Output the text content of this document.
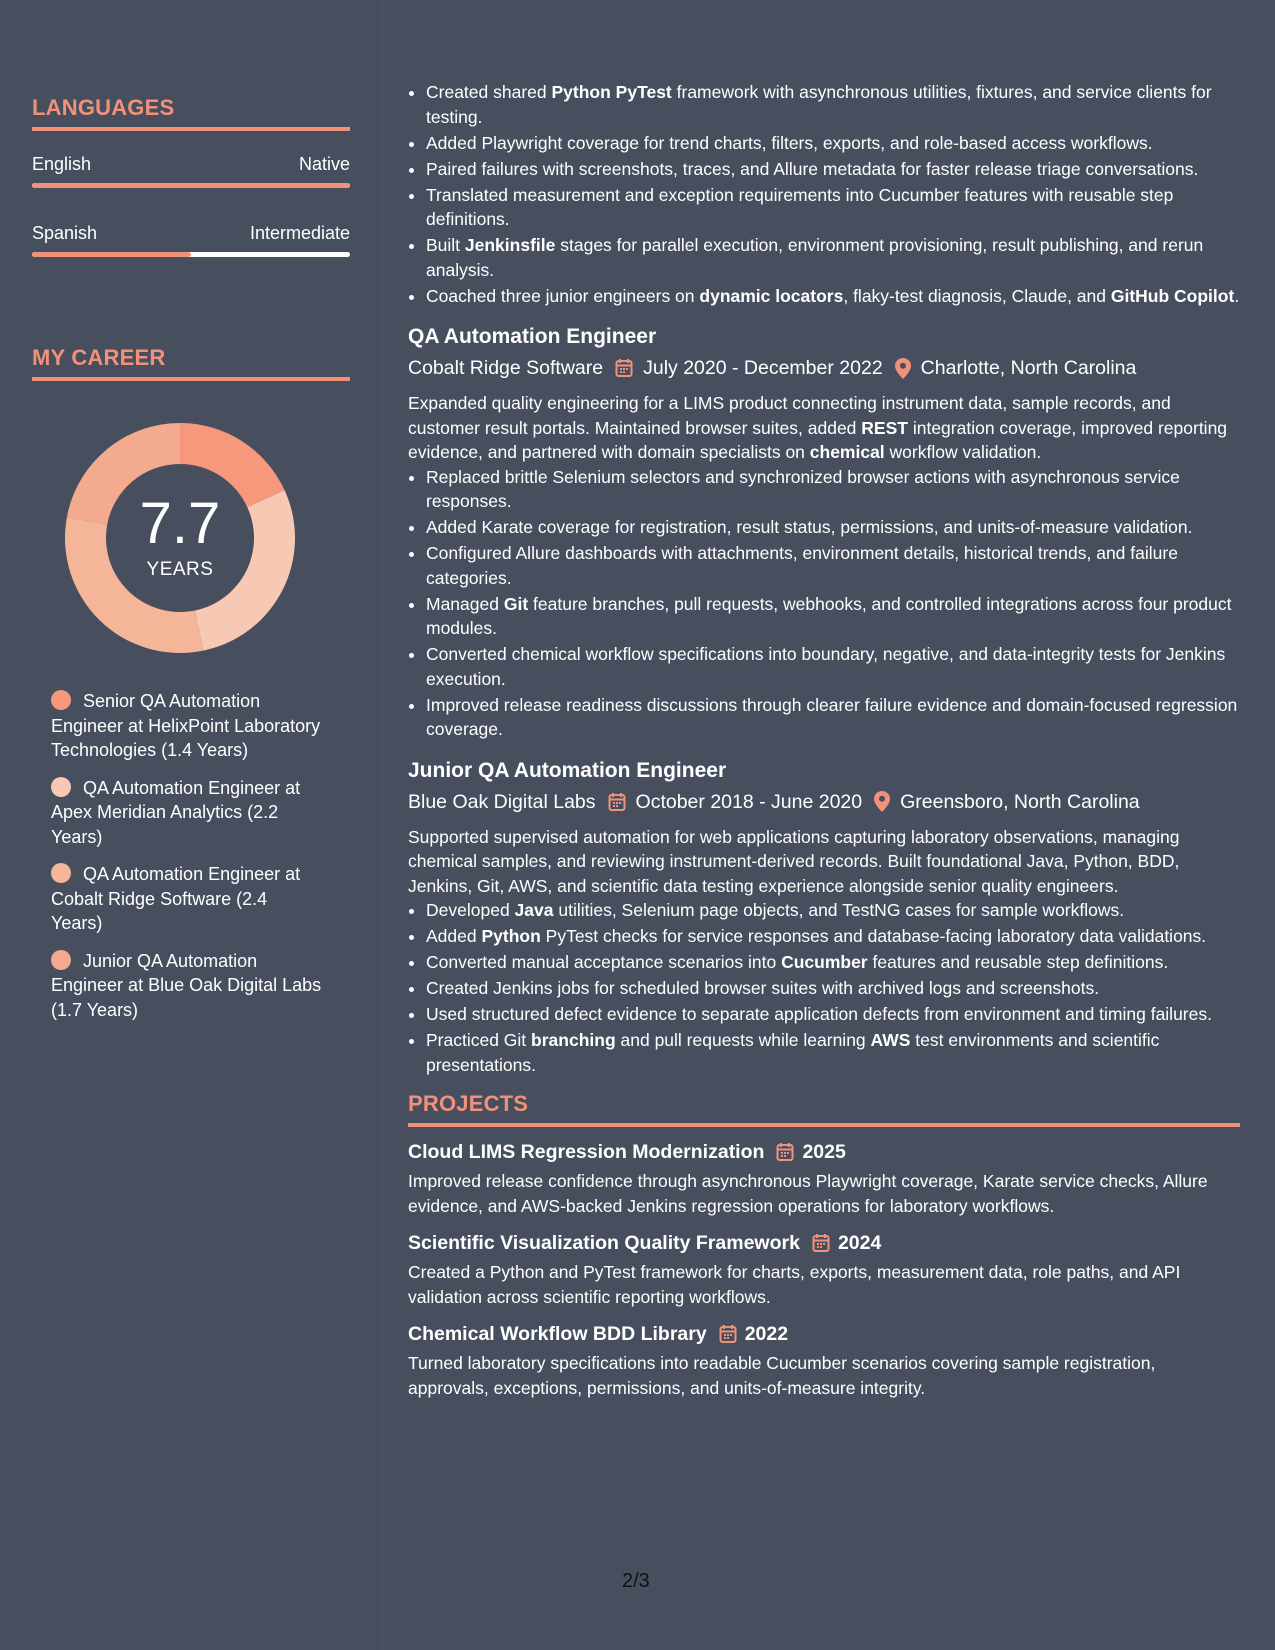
LANGUAGES
English	Native
Spanish	Intermediate
MY CAREER
7.7
YEARS
Senior QA Automation Engineer at HelixPoint Laboratory Technologies (1.4 Years)
QA Automation Engineer at Apex Meridian Analytics (2.2 Years)
QA Automation Engineer at Cobalt Ridge Software (2.4 Years)
Junior QA Automation Engineer at Blue Oak Digital Labs (1.7 Years)
• Created shared Python PyTest framework with asynchronous utilities, fixtures, and service clients for testing.
• Added Playwright coverage for trend charts, filters, exports, and role-based access workflows.
• Paired failures with screenshots, traces, and Allure metadata for faster release triage conversations.
• Translated measurement and exception requirements into Cucumber features with reusable step definitions.
• Built Jenkinsfile stages for parallel execution, environment provisioning, result publishing, and rerun analysis.
• Coached three junior engineers on dynamic locators, flaky-test diagnosis, Claude, and GitHub Copilot.
QA Automation Engineer
Cobalt Ridge Software July 2020 - December 2022 Charlotte, North Carolina
Expanded quality engineering for a LIMS product connecting instrument data, sample records, and customer result portals. Maintained browser suites, added REST integration coverage, improved reporting evidence, and partnered with domain specialists on chemical workflow validation.
• Replaced brittle Selenium selectors and synchronized browser actions with asynchronous service responses.
• Added Karate coverage for registration, result status, permissions, and units-of-measure validation.
• Configured Allure dashboards with attachments, environment details, historical trends, and failure categories.
• Managed Git feature branches, pull requests, webhooks, and controlled integrations across four product modules.
• Converted chemical workflow specifications into boundary, negative, and data-integrity tests for Jenkins execution.
• Improved release readiness discussions through clearer failure evidence and domain-focused regression coverage.
Junior QA Automation Engineer
Blue Oak Digital Labs October 2018 - June 2020 Greensboro, North Carolina
Supported supervised automation for web applications capturing laboratory observations, managing chemical samples, and reviewing instrument-derived records. Built foundational Java, Python, BDD, Jenkins, Git, AWS, and scientific data testing experience alongside senior quality engineers.
• Developed Java utilities, Selenium page objects, and TestNG cases for sample workflows.
• Added Python PyTest checks for service responses and database-facing laboratory data validations.
• Converted manual acceptance scenarios into Cucumber features and reusable step definitions.
• Created Jenkins jobs for scheduled browser suites with archived logs and screenshots.
• Used structured defect evidence to separate application defects from environment and timing failures.
• Practiced Git branching and pull requests while learning AWS test environments and scientific presentations.
PROJECTS
Cloud LIMS Regression Modernization 2025
Improved release confidence through asynchronous Playwright coverage, Karate service checks, Allure evidence, and AWS-backed Jenkins regression operations for laboratory workflows.
Scientific Visualization Quality Framework 2024
Created a Python and PyTest framework for charts, exports, measurement data, role paths, and API validation across scientific reporting workflows.
Chemical Workflow BDD Library 2022
Turned laboratory specifications into readable Cucumber scenarios covering sample registration, approvals, exceptions, permissions, and units-of-measure integrity.
2/3
